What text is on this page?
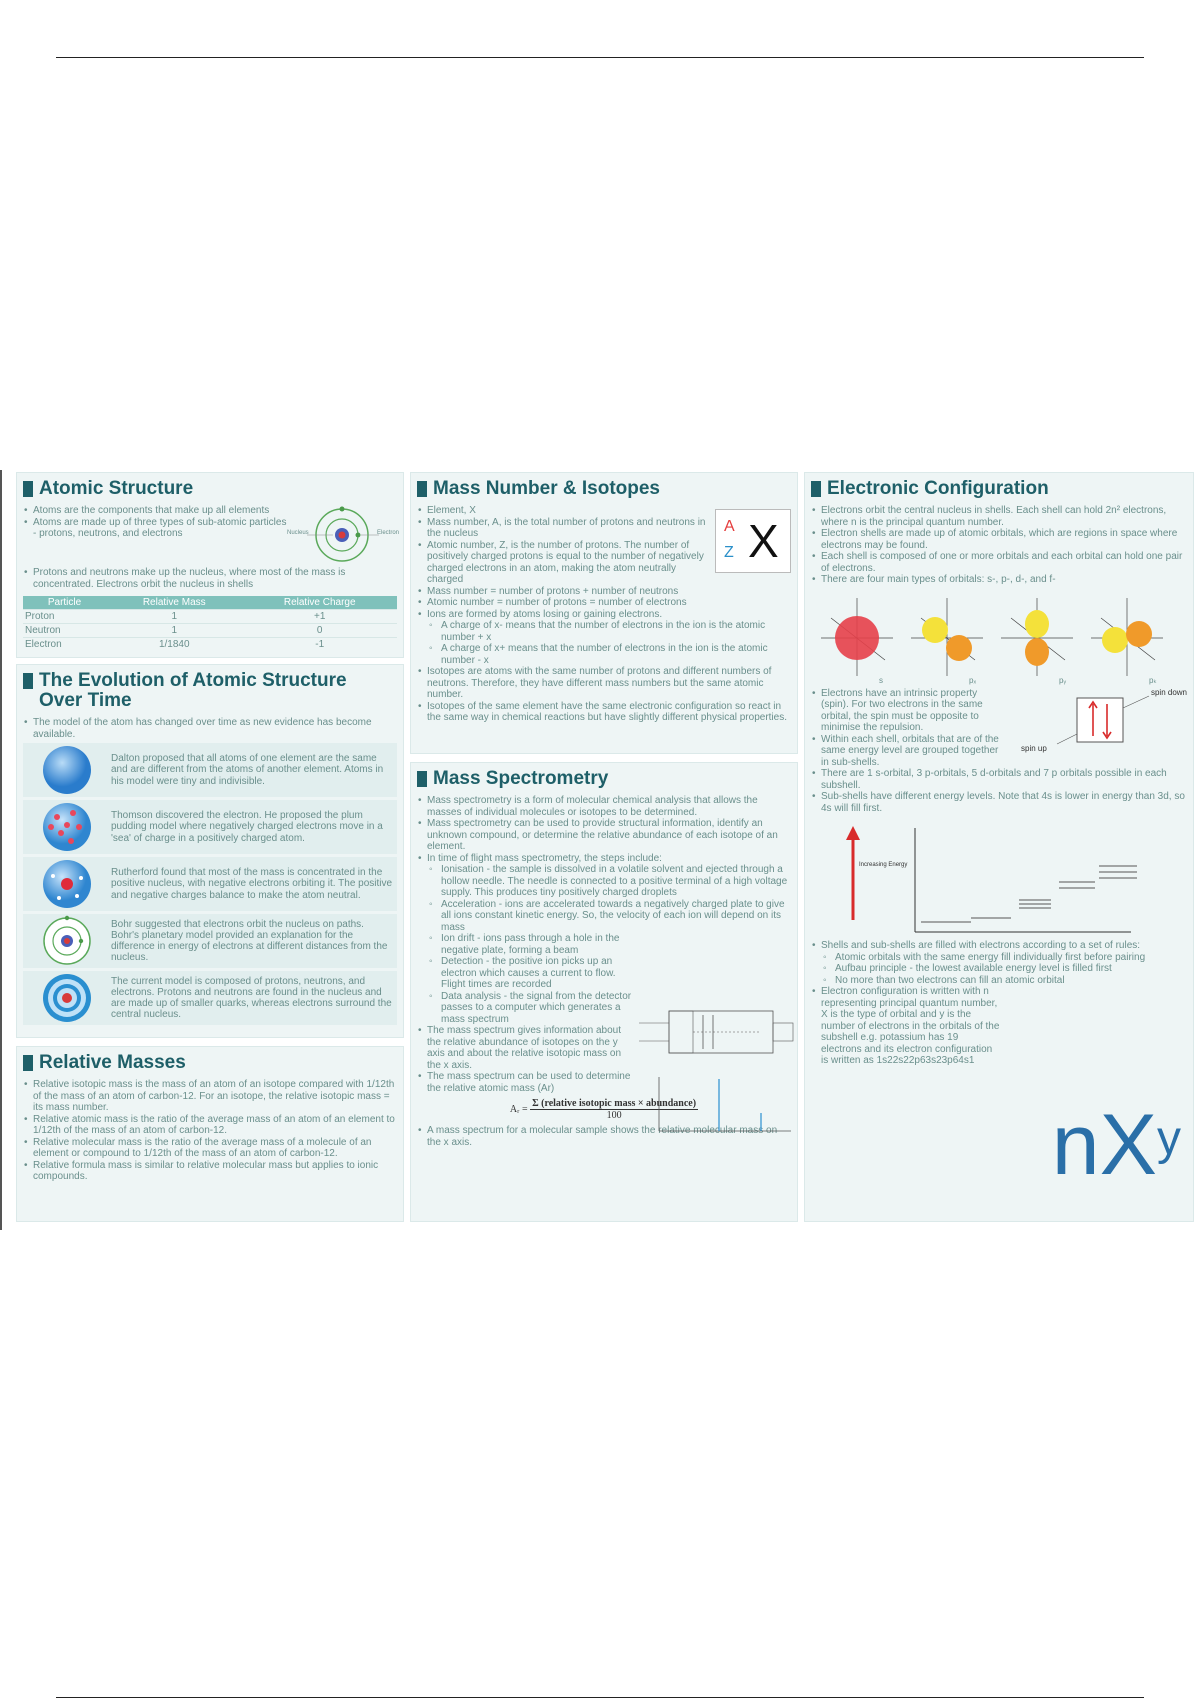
Atomic Structure
• Atoms are the components that make up all elements
• Atoms are made up of three types of sub-atomic particles - protons, neutrons, and electrons	Nucleus	Electron
• Protons and neutrons make up the nucleus, where most of the mass is concentrated. Electrons orbit the nucleus in shells
Particle	Relative Mass	Relative Charge
Proton	1	+1
Neutron	1	0
Electron	1/1840	-1
The Evolution of Atomic Structure Over Time
• The model of the atom has changed over time as new evidence has become available.
Dalton proposed that all atoms of one element are the same and are different from the atoms of another element. Atoms in his model were tiny and indivisible.
Thomson discovered the electron. He proposed the plum pudding model where negatively charged electrons move in a 'sea' of charge in a positively charged atom.
Rutherford found that most of the mass is concentrated in the positive nucleus, with negative electrons orbiting it. The positive and negative charges balance to make the atom neutral.
Bohr suggested that electrons orbit the nucleus on paths. Bohr's planetary model provided an explanation for the difference in energy of electrons at different distances from the nucleus.
The current model is composed of protons, neutrons, and electrons. Protons and neutrons are found in the nucleus and are made up of smaller quarks, whereas electrons surround the central nucleus.
Relative Masses
• Relative isotopic mass is the mass of an atom of an isotope compared with 1/12th of the mass of an atom of carbon-12. For an isotope, the relative isotopic mass = its mass number.
• Relative atomic mass is the ratio of the average mass of an atom of an element to 1/12th of the mass of an atom of carbon-12.
• Relative molecular mass is the ratio of the average mass of a molecule of an element or compound to 1/12th of the mass of an atom of carbon-12.
• Relative formula mass is similar to relative molecular mass but applies to ionic compounds.
Mass Number & Isotopes
A
Z X
• Element, X
• Mass number, A, is the total number of protons and neutrons in the nucleus
• Atomic number, Z, is the number of protons. The number of positively charged protons is equal to the number of negatively charged electrons in an atom, making the atom neutrally charged
• Mass number = number of protons + number of neutrons
• Atomic number = number of protons = number of electrons
• Ions are formed by atoms losing or gaining electrons.
◦ A charge of x- means that the number of electrons in the ion is the atomic number + x
◦ A charge of x+ means that the number of electrons in the ion is the atomic number - x
• Isotopes are atoms with the same number of protons and different numbers of neutrons. Therefore, they have different mass numbers but the same atomic number.
• Isotopes of the same element have the same electronic configuration so react in the same way in chemical reactions but have slightly different physical properties.
Mass Spectrometry
• Mass spectrometry is a form of molecular chemical analysis that allows the masses of individual molecules or isotopes to be determined.
• Mass spectrometry can be used to provide structural information, identify an unknown compound, or determine the relative abundance of each isotope of an element.
• In time of flight mass spectrometry, the steps include:
◦ Ionisation - the sample is dissolved in a volatile solvent and ejected through a hollow needle. The needle is connected to a positive terminal of a high voltage supply. This produces tiny positively charged droplets
◦ Acceleration - ions are accelerated towards a negatively charged plate to give all ions constant kinetic energy. So, the velocity of each ion will depend on its mass
◦ Ion drift - ions pass through a hole in the negative plate, forming a beam
◦ Detection - the positive ion picks up an electron which causes a current to flow. Flight times are recorded
◦ Data analysis - the signal from the detector passes to a computer which generates a mass spectrum
• The mass spectrum gives information about the relative abundance of isotopes on the y axis and about the relative isotopic mass on the x axis.
• The mass spectrum can be used to determine the relative atomic mass (Ar)
Aᵣ = $\frac{\text{Σ (relative isotopic mass × abundance)}}{100}$
• A mass spectrum for a molecular sample shows the relative molecular mass on the x axis.
Electronic Configuration
• Electrons orbit the central nucleus in shells. Each shell can hold 2n² electrons, where n is the principal quantum number.
• Electron shells are made up of atomic orbitals, which are regions in space where electrons may be found.
• Each shell is composed of one or more orbitals and each orbital can hold one pair of electrons.
• There are four main types of orbitals: s-, p-, d-, and f-
s	pₓ	pᵧ	pₖ
• Electrons have an intrinsic property (spin). For two electrons in the same orbital, the spin must be opposite to minimise the repulsion.
• Within each shell, orbitals that are of the same energy level are grouped together in sub-shells.
spin down
spin up
• There are 1 s-orbital, 3 p-orbitals, 5 d-orbitals and 7 p orbitals possible in each subshell.
• Sub-shells have different energy levels. Note that 4s is lower in energy than 3d, so 4s will fill first.
Increasing Energy
• Shells and sub-shells are filled with electrons according to a set of rules:
◦ Atomic orbitals with the same energy fill individually first before pairing
◦ Aufbau principle - the lowest available energy level is filled first
◦ No more than two electrons can fill an atomic orbital
• Electron configuration is written with n representing principal quantum number, X is the type of orbital and y is the number of electrons in the orbitals of the subshell e.g. potassium has 19 electrons and its electron configuration is written as 1s22s22p63s23p64s1
$nX^y$
